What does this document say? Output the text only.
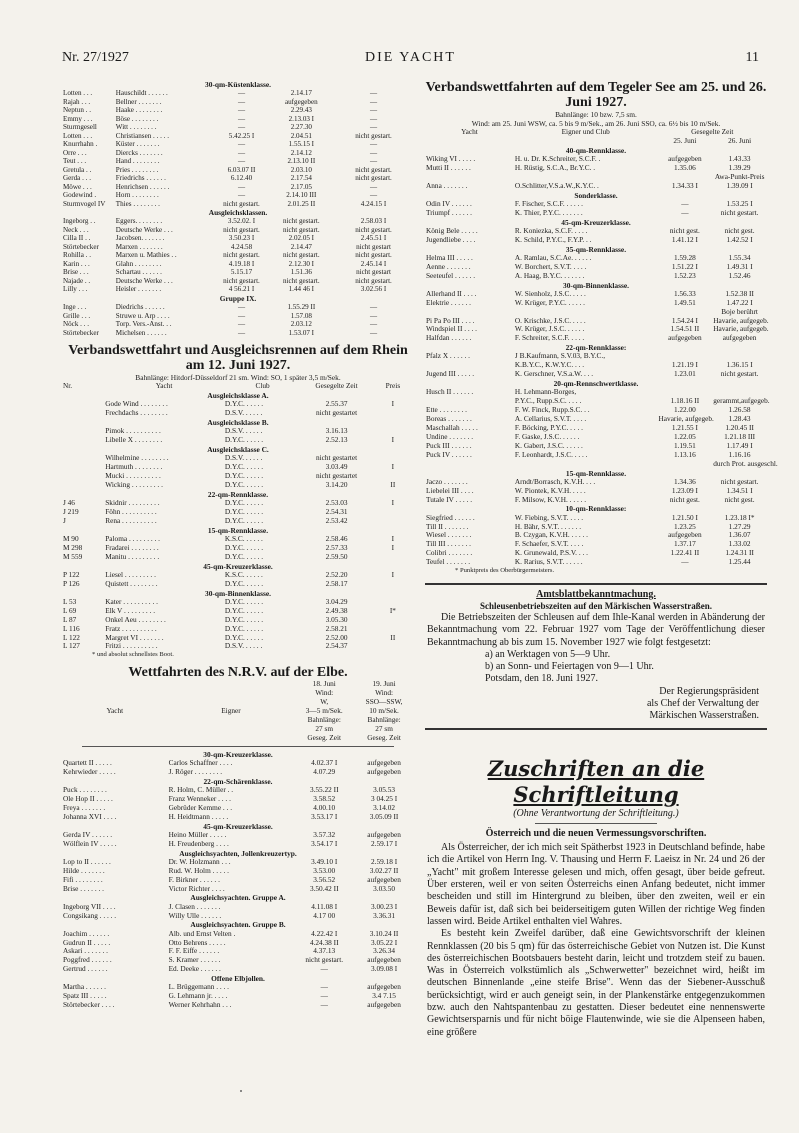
Nr. 27/1927	DIE YACHT	11
30-qm-Küstenklasse.
Lotten . . .	Hauschildt . . . . . .	—	2.14.17	—
Rajah . . .	Bellner . . . . . . .	—	aufgegeben	—
Neptun . .	Haake . . . . . . . .	—	2.29.43	—
Emmy . . .	Böse . . . . . . . .	—	2.13.03 I	—
Sturmgesell	Witt . . . . . . . .	—	2.27.30	—
Lotten . . .	Christiansen . . . . .	5.42.25 I	2.04.51	nicht gestart.
Knurrhahn .	Küster . . . . . . .	—	1.55.15 I	—
Orre . . .	Diercks . . . . . . .	—	2.14.12	—
Teut . . .	Hand . . . . . . . .	—	2.13.10 II	—
Gretula . .	Pries . . . . . . . .	6.03.07 II	2.03.10	nicht gestart.
Gerda . . .	Friedrichs . . . . . .	6.12.40	2.17.54	nicht gestart.
Möwe . . .	Henrichsen . . . . . .	—	2.17.05	—
Godewind .	Horn . . . . . . . .	—	2.14.10 III	—
Sturmvogel IV	Thies . . . . . . . .	nicht gestart.	2.01.25 II	4.24.15 I
Ausgleichsklassen.
Ingeborg . .	Eggers. . . . . . . .	3.52.02. I	nicht gestart.	2.58.03 I
Neck . . .	Deutsche Werke . . .	nicht gestart.	nicht gestart.	nicht gestart.
Cilla II . .	Jacobsen. . . . . . .	3.50.23 I	2.02.05 I	2.45.51 I
Störtebecker	Marxen . . . . . . .	4.24.58	2.14.47	nicht gestart
Rohilla . .	Marxen u. Mathies . .	nicht gestart.	nicht gestart.	nicht gestart.
Karin . . .	Glahn . . . . . . . .	4.19.18 I	2.12.30 I	2.45.14 I
Brise . . .	Schartau . . . . . .	5.15.17	1.51.36	nicht gestart
Najade . .	Deutsche Werke . . .	nicht gestart.	nicht gestart.	nicht gestart.
Lilly . . .	Heisler . . . . . . .	4 56.21 I	1.44 46 I	3.02.56 I
Gruppe IX.
Inge . . .	Diedrichs . . . . . .	—	1.55.29 II	—
Grille . . .	Struwe u. Arp . . . .	—	1.57.08	—
Nöck . . .	Torp. Vers.-Anst. . .	—	2.03.12	—
Störtebecker	Michelsen . . . . . .	—	1.53.07 I	—
Verbandswettfahrt und Ausgleichsrennen auf dem Rhein am 12. Juni 1927.
Bahnlänge: Hitdorf-Düsseldorf 21 sm. Wind: SO, 1 später 3,5 m/Sek.
Nr.	Yacht	Club	Gesegelte Zeit	Preis
Ausgleichsklasse A.
	Gode Wind . . . . . . . .	D.Y.C. . . . . .	2.55.37	I
	Frechdachs . . . . . . . .	D.S.V. . . . . .	nicht gestartet	
Ausgleichsklasse B.
	Pimok . . . . . . . . . .	D.S.V. . . . . .	3.16.13	
	Libelle X . . . . . . . .	D.Y.C. . . . . .	2.52.13	I
Ausgleichsklasse C.
	Wilhelmine . . . . . . . .	D.S.V. . . . . .	nicht gestartet	
	Hartmuth . . . . . . . .	D.Y.C. . . . . .	3.03.49	I
	Mucki . . . . . . . . . .	D.Y.C. . . . . .	nicht gestartet	
	Wicking . . . . . . . . .	D.Y.C. . . . . .	3.14.20	II
22-qm-Rennklasse.
J 46	Skidnir . . . . . . . . .	D.Y.C. . . . . .	2.53.03	I
J 219	Föhn . . . . . . . . . .	D.Y.C. . . . . .	2.54.31	
J	Rena . . . . . . . . . .	D.Y.C. . . . . .	2.53.42	
15-qm-Rennklasse.
M 90	Paloma . . . . . . . . .	K.S.C. . . . . .	2.58.46	I
M 298	Fradarei . . . . . . . .	D.Y.C. . . . . .	2.57.33	I
M 559	Manitu . . . . . . . . .	D.Y.C. . . . . .	2.59.50	
45-qm-Kreuzerklasse.
P 122	Liesel . . . . . . . . .	K.S.C. . . . . .	2.52.20	I
P 126	Quistett . . . . . . . .	D.Y.C. . . . . .	2.58.17	
30-qm-Binnenklasse.
L 53	Kater . . . . . . . . . .	D.Y.C. . . . . .	3.04.29	
L 69	Elk V . . . . . . . . .	D.Y.C. . . . . .	2.49.38	I*
L 87	Onkel Aeu . . . . . . . .	D.Y.C. . . . . .	3.05.30	
L 116	Fratz . . . . . . . . . .	D.Y.C. . . . . .	2.58.21	
L 122	Margret VI . . . . . . .	D.Y.C. . . . . .	2.52.00	II
L 127	Fritzi . . . . . . . . . .	D.S.V. . . . . .	2.54.37	
* und absolut schnellstes Boot.
Wettfahrten des N.R.V. auf der Elbe.
		18. Juni	19. Juni
		Wind:	Wind:
		W,	SSO—SSW,
Yacht	Eigner	3—5 m/Sek.	10 m/Sek.
		Bahnlänge:	Bahnlänge:
		27 sm	27 sm
		Geseg. Zeit	Geseg. Zeit
30-qm-Kreuzerklasse.
Quartett II . . . . .	Carlos Schaffner . . . .	4.02.37 I	aufgegeben
Kehrwieder . . . . .	J. Röger . . . . . . . .	4.07.29	aufgegeben
22-qm-Schärenklasse.
Puck . . . . . . . .	R. Holm, C. Müller . .	3.55.22 II	3.05.53
Ole Hop II . . . . .	Franz Wenneker . . . .	3.58.52	3 04.25 I
Freya . . . . . . .	Gebrüder Kemme . . .	4.00.10	3.14.02
Johanna XVI . . . .	H. Heidtmann . . . . .	3.53.17 I	3.05.09 II
45-qm-Kreuzerklasse.
Gerda IV . . . . . .	Heino Müller . . . . .	3.57.32	aufgegeben
Wölflein IV . . . . .	H. Freudenberg . . . .	3.54.17 I	2.59.17 I
Ausgleichsyachten, Jollenkreuzertyp.
Lop to II . . . . . .	Dr. W. Holzmann . . .	3.49.10 I	2.59.18 I
Hilde . . . . . . .	Rud. W. Holm . . . . .	3.53.00	3.02.27 II
Fifi . . . . . . . .	F. Birkner . . . . . .	3.56.52	aufgegeben
Brise . . . . . . .	Victor Richter . . . .	3.50.42 II	3.03.50
Ausgleichsyachten. Gruppe A.
Ingeborg VII . . . .	J. Clasen . . . . . . .	4.11.08 I	3.00.23 I
Congsikang . . . . .	Willy Ulle . . . . . .	4.17 00	3.36.31
Ausgleichsyachten. Gruppe B.
Joachim . . . . . .	Alb. und Ernst Velten .	4.22.42 I	3.10.24 II
Gudrun II . . . . .	Otto Behrens . . . . .	4.24.38 II	3.05.22 I
Askari . . . . . . .	F. F. Eiffe . . . . . .	4.37.13	3.26.34
Poggfred . . . . . .	S. Kramer . . . . . .	nicht gestart.	aufgegeben
Gertrud . . . . . .	Ed. Deeke . . . . . .	—	3.09.08 I
Offene Elbjollen.
Martha . . . . . .	L. Brüggemann . . . .	—	aufgegeben
Spatz III . . . . .	G. Lehmann jr. . . . .	—	3.4 7.15
Störtebecker . . . .	Werner Kehrhahn . . .	—	aufgegeben
Verbandswettfahrten auf dem Tegeler See am 25. und 26. Juni 1927.
Bahnlänge: 10 bzw. 7,5 sm.
Wind: am 25. Juni WSW, ca. 5 bis 9 m/Sek., am 26. Juni SSO, ca. 6½ bis 10 m/Sek.
Yacht	Eigner und Club	Gesegelte Zeit	
		25. Juni	26. Juni
40-qm-Rennklasse.
Wiking VI . . . . .	H. u. Dr. K.Schreiter, S.C.F. .	aufgegeben	1.43.33
Mutti II . . . . . .	H. Rüstig, S.C.A., Br.Y.C. .	1.35.06	1.39.29
			Awa-Punkt-Preis
Anna . . . . . . .	O.Schlitter,V.S.a.W.,K.Y.C. .	1.34.33 I	1.39.09 I
Sonderklasse.
Odin IV . . . . . .	F. Fischer, S.C.F. . . . . .	—	1.53.25 I
Triumpf . . . . . .	K. Thier, P.Y.C. . . . . . .	—	nicht gestart.
45-qm-Kreuzerklasse.
König Bele . . . . .	R. Koniezka, S.C.F. . . . .	nicht gest.	nicht gest.
Jugendliebe . . . .	K. Schild, P.Y.C., F.Y.P. . .	1.41.12 I	1.42.52 I
35-qm-Rennklasse.
Helma III . . . . .	A. Ramlau, S.C.Ae. . . . . .	1.59.28	1.55.34
Aenne . . . . . . .	W. Borchert, S.V.T. . . . .	1.51.22 I	1.49.31 I
Seeteufel . . . . . .	A. Haag, B.Y.C. . . . . . .	1.52.23	1.52.46
30-qm-Binnenklasse.
Allerhand II . . . .	W. Sienholz, J.S.C. . . . .	1.56.33	1.52.38 II
Elektrie . . . . . .	W. Krüger, P.Y.C. . . . . .	1.49.51	1.47.22 I
			Boje berührt
Pi Pa Po III . . . .	O. Krischke, J.S.C. . . . .	1.54.24 I	Havarie, aufgegeb.
Windspiel II . . . .	W. Krüger, J.S.C. . . . . .	1.54.51 II	Havarie, aufgegeb.
Halfdan . . . . . .	F. Schreiter, S.C.F. . . . .	aufgegeben	aufgegeben
22-qm-Rennklasse:
Pfalz X . . . . . .	J B.Kaufmann, S.V.03, B.Y.C.,		
	K.B.Y.C., K.W.Y.C. . . .	1.21.19 I	1.36.15 I
Jugend III . . . . .	K. Gerschner, V.S.a.W. . . .	1.23.01	nicht gestart.
20-qm-Rennschwertklasse.
Husch II . . . . . .	H. Lehmann-Borges,		
	P.Y.C., Rupp.S.C. . . . .	1.18.16 II	gerammt,aufgegeb.
Ette . . . . . . . .	F. W. Finck, Rupp.S.C. . .	1.22.00	1.26.58
Boreas . . . . . . .	A. Cellarius, S.V.T. . . . .	Havarie, aufgegeb.	1.28.43
Maschallah . . . . .	F. Böcking, P.Y.C. . . . .	1.21.55 I	1.20.45 II
Undine . . . . . . .	F. Gaske, J.S.C. . . . . .	1.22.05	1.21.18 III
Puck III . . . . . .	K. Gabert, J.S.C. . . . . .	1.19.51	1.17.49 I
Puck IV . . . . . .	F. Leonhardt, J.S.C. . . . .	1.13.16	1.16.16
			durch Prot. ausgeschl.
15-qm-Rennklasse.
Jaczo . . . . . . .	Arndt/Borrasch, K.V.H. . . .	1.34.36	nicht gestart.
Liebelei III . . . .	W. Piontek, K.V.H. . . . .	1.23.09 I	1.34.51 I
Tutale IV . . . . .	F. Milsow, K.V.H. . . . . .	nicht gest.	nicht gest.
10-qm-Rennklasse:
Siegfried . . . . . .	W. Fiebing, S.V.T. . . . .	1.21.50 I	1.23.18 I*
Till II . . . . . . .	H. Bähr, S.V.T. . . . . . .	1.23.25	1.27.29
Wiesel . . . . . . .	B. Czygan, K.V.H. . . . . .	aufgegeben	1.36.07
Till III . . . . . . .	F. Schaefer, S.V.T. . . . .	1.37.17	1.33.02
Colibri . . . . . . .	K. Grunewald, P.S.V. . . .	1.22.41 II	1.24.31 II
Teufel . . . . . . .	K. Rarius, S.V.T. . . . . .	—	1.25.44
* Punktpreis des Oberbürgermeisters.
Amtsblattbekanntmachung.
Schleusenbetriebszeiten auf den Märkischen Wasserstraßen.

Die Betriebszeiten der Schleusen auf dem Ihle-Kanal werden in Abänderung der Bekanntmachung vom 22. Februar 1927 vom Tage der Veröffentlichung dieser Bekanntmachung ab bis zum 15. November 1927 wie folgt festgesetzt:

a) an Werktagen von 5—9 Uhr.
b) an Sonn- und Feiertagen von 9—1 Uhr.
Potsdam, den 18. Juni 1927.
Der Regierungspräsident
als Chef der Verwaltung der
Märkischen Wasserstraßen.
Zuschriften an die Schriftleitung
(Ohne Verantwortung der Schriftleitung.)
Österreich und die neuen Vermessungsvorschriften.

Als Österreicher, der ich mich seit Spätherbst 1923 in Deutschland befinde, habe ich die Artikel von Herrn Ing. V. Thausing und Herrn F. Laeisz in Nr. 24 und 26 der „Yacht" mit großem Interesse gelesen und mich, offen gesagt, über beide gefreut. Über ersteren, weil er von seiten Österreichs einen Anfang bedeutet, nicht immer bescheiden und still im Hintergrund zu bleiben, über den zweiten, weil er ein Beweis dafür ist, daß sich bei beiderseitigem guten Willen der richtige Weg finden lassen wird. Beide Artikel enthalten viel Wahres.

Es besteht kein Zweifel darüber, daß eine Gewichtsvorschrift der kleinen Rennklassen (20 bis 5 qm) für das österreichische Gebiet von Nutzen ist. Die Kunst des österreichischen Bootsbauers besteht darin, leicht und trotzdem steif zu bauen. Was in Österreich volkstümlich als „Schwerwetter" bezeichnet wird, heißt im deutschen Binnenlande „eine steife Brise". Wenn das der Siebener-Ausschuß berücksichtigt, wird er auch geneigt sein, in der Plankenstärke entgegenzukommen bzw. auch den Nahtspantenbau zu gestatten. Dieser bedeutet eine nennenswerte Gewichtsersparnis und für nicht böige Flautenwinde, wie sie die Alpenseen haben, eine größere
